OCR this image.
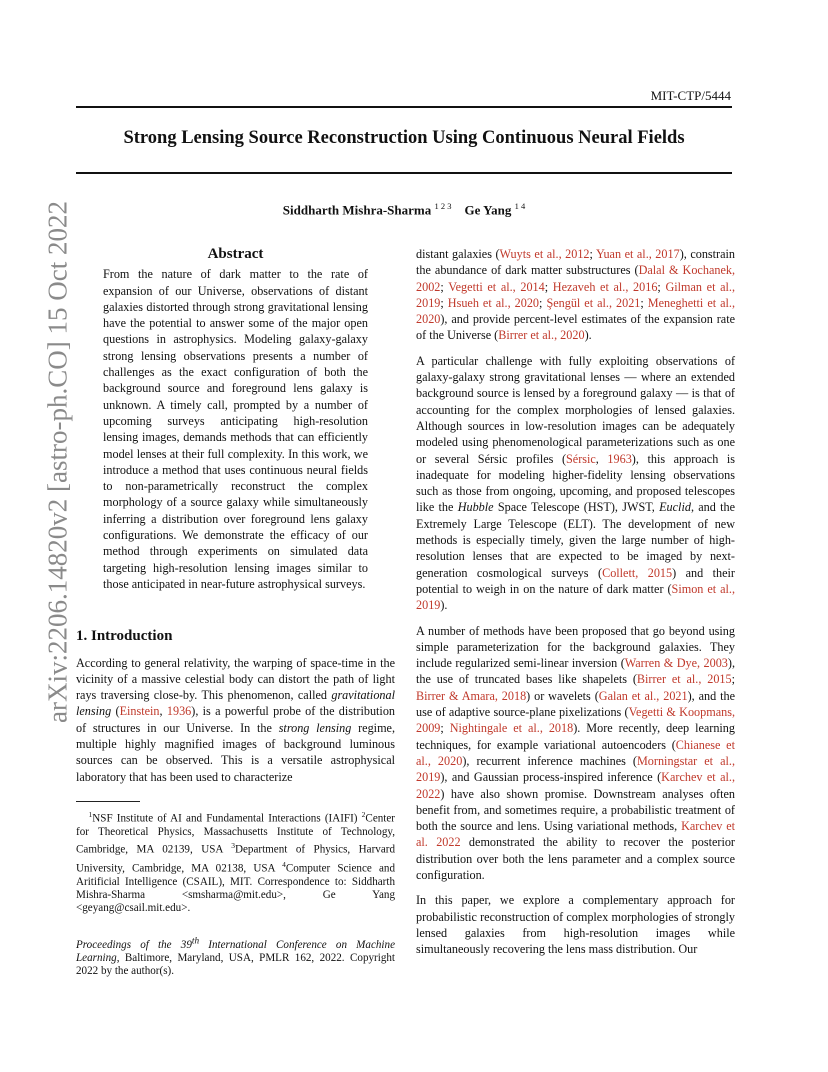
MIT-CTP/5444
Strong Lensing Source Reconstruction Using Continuous Neural Fields
Siddharth Mishra-Sharma $^{1 2 3}$ Ge Yang $^{1 4}$
arXiv:2206.14820v2 [astro-ph.CO] 15 Oct 2022	Abstract

From the nature of dark matter to the rate of expansion of our Universe, observations of distant galaxies distorted through strong gravitational lensing have the potential to answer some of the major open questions in astrophysics. Modeling galaxy-galaxy strong lensing observations presents a number of challenges as the exact configuration of both the background source and foreground lens galaxy is unknown. A timely call, prompted by a number of upcoming surveys anticipating high-resolution lensing images, demands methods that can efficiently model lenses at their full complexity. In this work, we introduce a method that uses continuous neural fields to non-parametrically reconstruct the complex morphology of a source galaxy while simultaneously inferring a distribution over foreground lens galaxy configurations. We demonstrate the efficacy of our method through experiments on simulated data targeting high-resolution lensing images similar to those anticipated in near-future astrophysical surveys.

1. Introduction

According to general relativity, the warping of space-time in the vicinity of a massive celestial body can distort the path of light rays traversing close-by. This phenomenon, called gravitational lensing (Einstein, 1936), is a powerful probe of the distribution of structures in our Universe. In the strong lensing regime, multiple highly magnified images of background luminous sources can be observed. This is a versatile astrophysical laboratory that has been used to characterize

$^1$NSF Institute of AI and Fundamental Interactions (IAIFI) $^2$Center for Theoretical Physics, Massachusetts Institute of Technology, Cambridge, MA 02139, USA $^3$Department of Physics, Harvard University, Cambridge, MA 02138, USA $^4$Computer Science and Aritificial Intelligence (CSAIL), MIT. Correspondence to: Siddharth Mishra-Sharma <smsharma@mit.edu>, Ge Yang <geyang@csail.mit.edu>.
Proceedings of the 39th International Conference on Machine Learning, Baltimore, Maryland, USA, PMLR 162, 2022. Copyright 2022 by the author(s).

distant galaxies (Wuyts et al., 2012; Yuan et al., 2017), constrain the abundance of dark matter substructures (Dalal & Kochanek, 2002; Vegetti et al., 2014; Hezaveh et al., 2016; Gilman et al., 2019; Hsueh et al., 2020; Şengül et al., 2021; Meneghetti et al., 2020), and provide percent-level estimates of the expansion rate of the Universe (Birrer et al., 2020).

A particular challenge with fully exploiting observations of galaxy-galaxy strong gravitational lenses — where an extended background source is lensed by a foreground galaxy — is that of accounting for the complex morphologies of lensed galaxies. Although sources in low-resolution images can be adequately modeled using phenomenological parameterizations such as one or several Sérsic profiles (Sérsic, 1963), this approach is inadequate for modeling higher-fidelity lensing observations such as those from ongoing, upcoming, and proposed telescopes like the Hubble Space Telescope (HST), JWST, Euclid, and the Extremely Large Telescope (ELT). The development of new methods is especially timely, given the large number of high-resolution lenses that are expected to be imaged by next-generation cosmological surveys (Collett, 2015) and their potential to weigh in on the nature of dark matter (Simon et al., 2019).

A number of methods have been proposed that go beyond using simple parameterization for the background galaxies. They include regularized semi-linear inversion (Warren & Dye, 2003), the use of truncated bases like shapelets (Birrer et al., 2015; Birrer & Amara, 2018) or wavelets (Galan et al., 2021), and the use of adaptive source-plane pixelizations (Vegetti & Koopmans, 2009; Nightingale et al., 2018). More recently, deep learning techniques, for example variational autoencoders (Chianese et al., 2020), recurrent inference machines (Morningstar et al., 2019), and Gaussian process-inspired inference (Karchev et al., 2022) have also shown promise. Downstream analyses often benefit from, and sometimes require, a probabilistic treatment of both the source and lens. Using variational methods, Karchev et al. 2022 demonstrated the ability to recover the posterior distribution over both the lens parameter and a complex source configuration.

In this paper, we explore a complementary approach for probabilistic reconstruction of complex morphologies of strongly lensed galaxies from high-resolution images while simultaneously recovering the lens mass distribution. Our
